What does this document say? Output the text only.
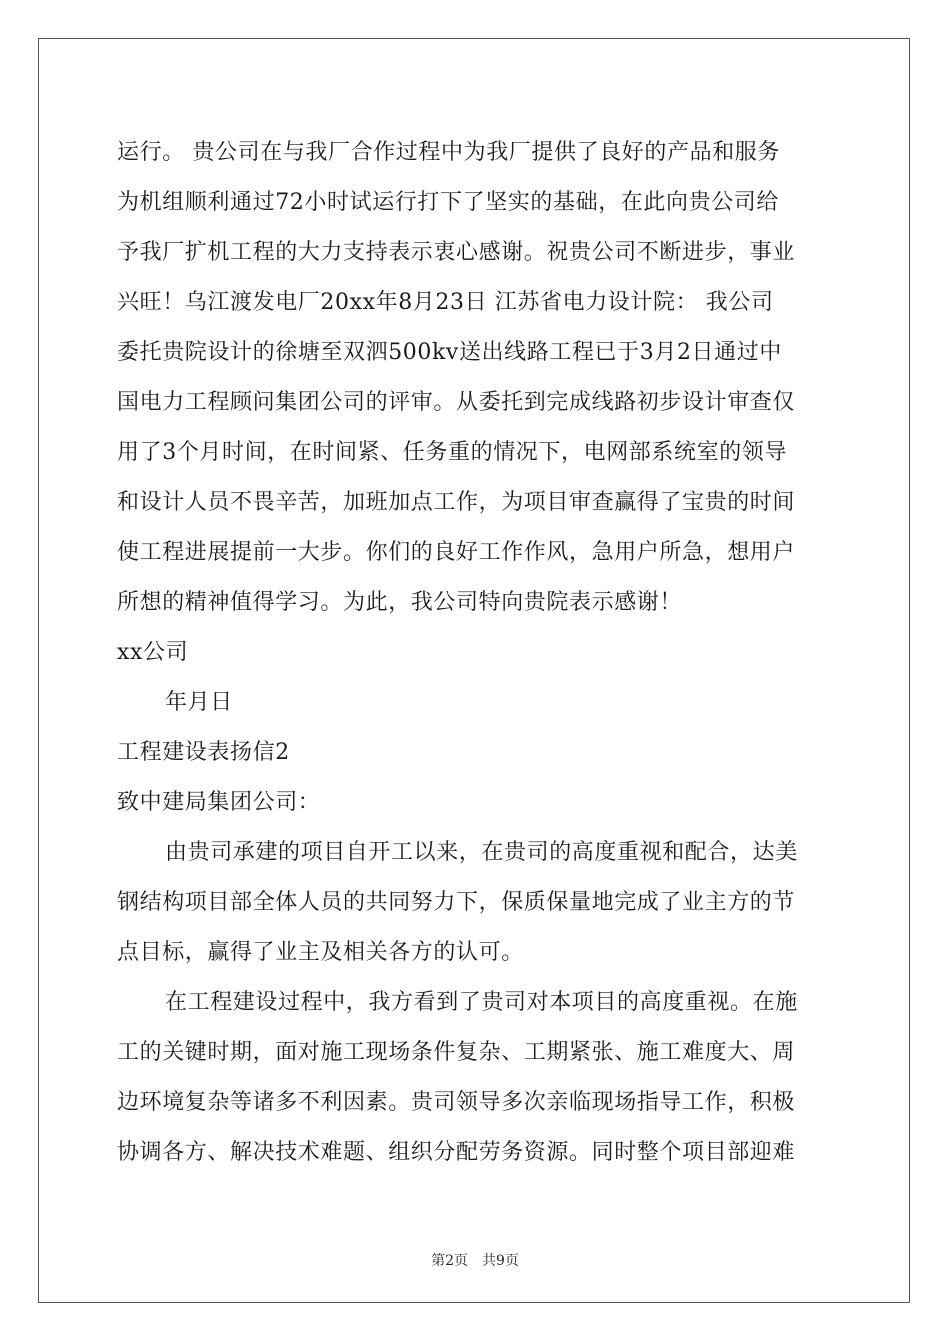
运行。 贵公司在与我厂合作过程中为我厂提供了良好的产品和服务
为机组顺利通过72小时试运行打下了坚实的基础，在此向贵公司给
予我厂扩机工程的大力支持表示衷心感谢。祝贵公司不断进步，事业
兴旺！乌江渡发电厂20xx年8月23日 江苏省电力设计院： 我公司
委托贵院设计的徐塘至双泗500kv送出线路工程已于3月2日通过中
国电力工程顾问集团公司的评审。从委托到完成线路初步设计审查仅
用了3个月时间，在时间紧、任务重的情况下，电网部系统室的领导
和设计人员不畏辛苦，加班加点工作，为项目审查赢得了宝贵的时间
使工程进展提前一大步。你们的良好工作作风，急用户所急，想用户
所想的精神值得学习。为此，我公司特向贵院表示感谢！
xx公司
年月日
工程建设表扬信2
致中建局集团公司：
由贵司承建的项目自开工以来，在贵司的高度重视和配合，达美
钢结构项目部全体人员的共同努力下，保质保量地完成了业主方的节
点目标，赢得了业主及相关各方的认可。
在工程建设过程中，我方看到了贵司对本项目的高度重视。在施
工的关键时期，面对施工现场条件复杂、工期紧张、施工难度大、周
边环境复杂等诸多不利因素。贵司领导多次亲临现场指导工作，积极
协调各方、解决技术难题、组织分配劳务资源。同时整个项目部迎难
第2页　共9页
